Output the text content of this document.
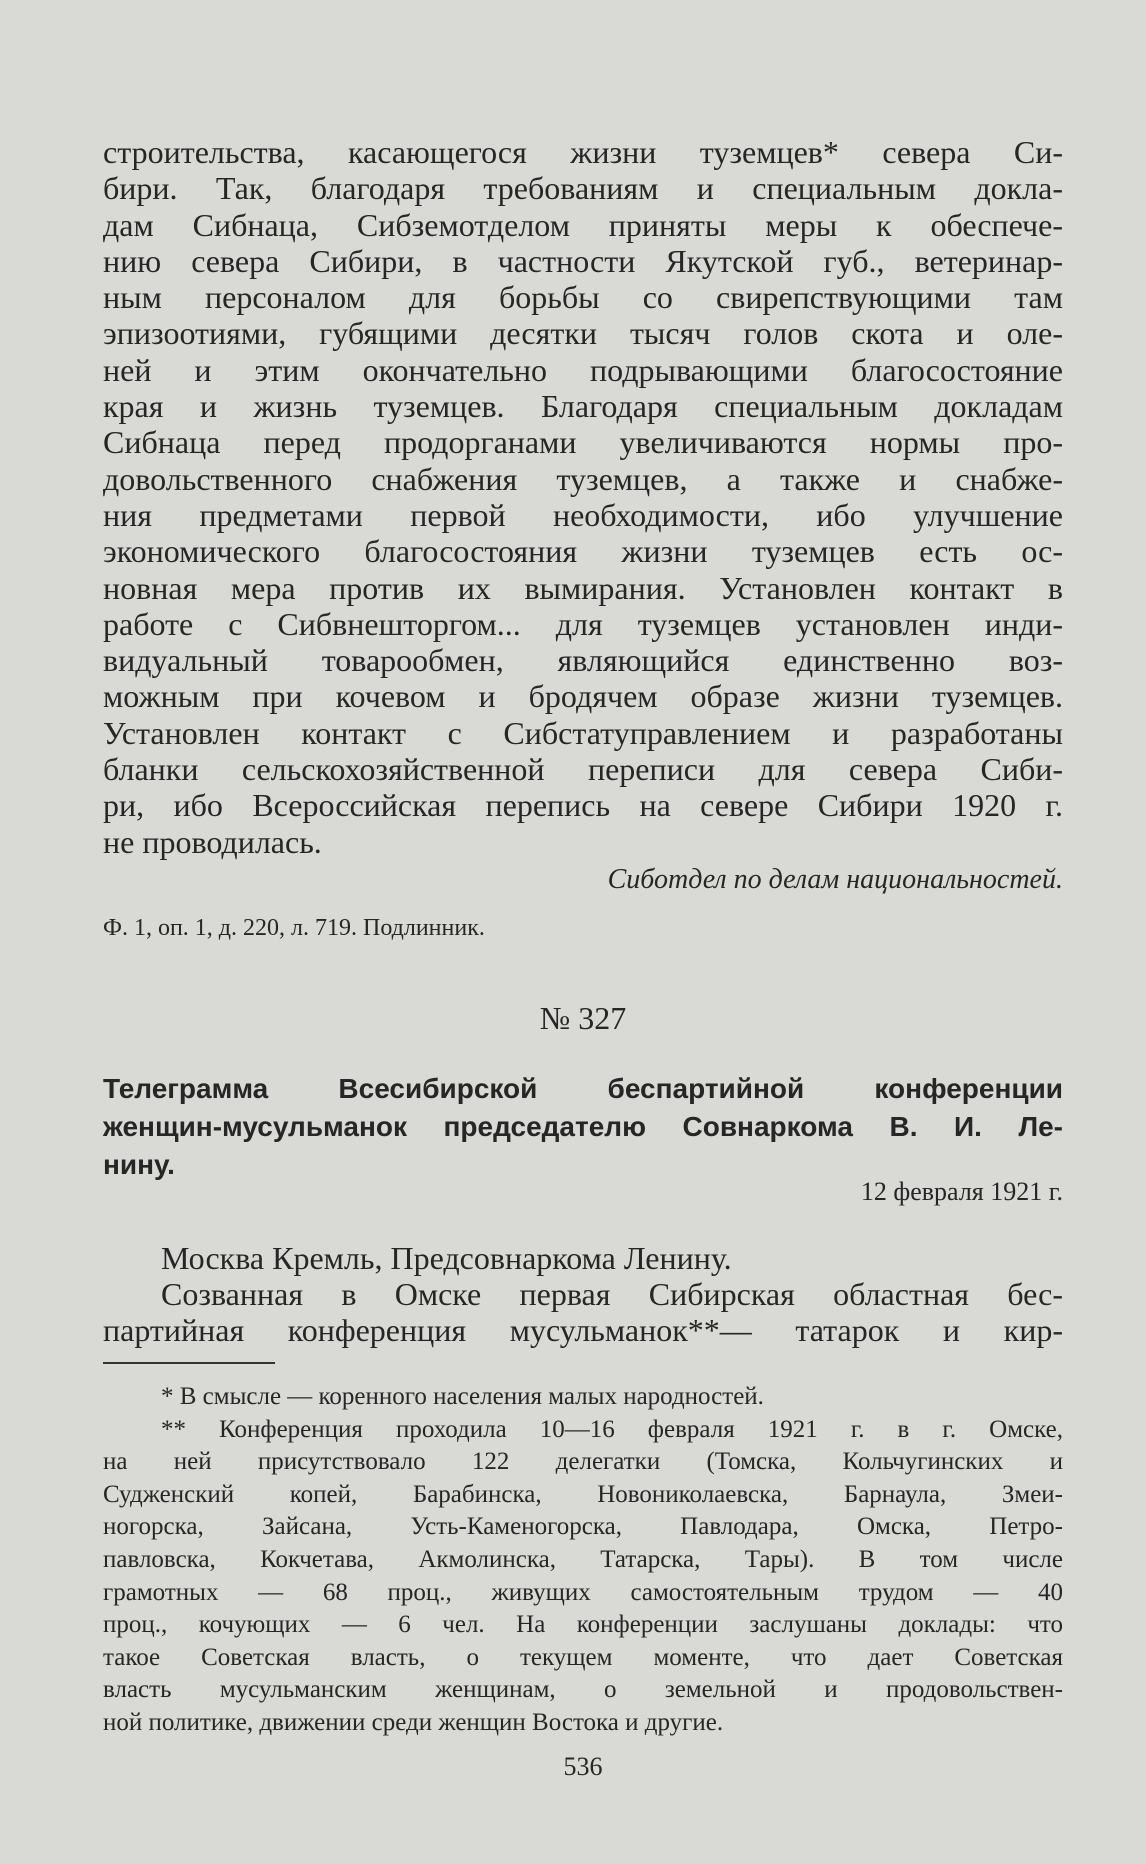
строительства, касающегося жизни туземцев* севера Си-
бири. Так, благодаря требованиям и специальным докла-
дам Сибнаца, Сибземотделом приняты меры к обеспече-
нию севера Сибири, в частности Якутской губ., ветеринар-
ным персоналом для борьбы со свирепствующими там
эпизоотиями, губящими десятки тысяч голов скота и оле-
ней и этим окончательно подрывающими благосостояние
края и жизнь туземцев. Благодаря специальным докладам
Сибнаца перед продорганами увеличиваются нормы про-
довольственного снабжения туземцев, а также и снабже-
ния предметами первой необходимости, ибо улучшение
экономического благосостояния жизни туземцев есть ос-
новная мера против их вымирания. Установлен контакт в
работе с Сибвнешторгом... для туземцев установлен инди-
видуальный товарообмен, являющийся единственно воз-
можным при кочевом и бродячем образе жизни туземцев.
Установлен контакт с Сибстатуправлением и разработаны
бланки сельскохозяйственной переписи для севера Сиби-
ри, ибо Всероссийская перепись на севере Сибири 1920 г.
не проводилась.
Сиботдел по делам национальностей.
Ф. 1, оп. 1, д. 220, л. 719. Подлинник.
№ 327
Телеграмма Всесибирской беспартийной конференции
женщин-мусульманок председателю Совнаркома В. И. Ле-
нину.
12 февраля 1921 г.
Москва Кремль, Предсовнаркома Ленину.
Созванная в Омске первая Сибирская областная бес-
партийная конференция мусульманок**— татарок и кир-
* В смысле — коренного населения малых народностей.
** Конференция проходила 10—16 февраля 1921 г. в г. Омске,
на ней присутствовало 122 делегатки (Томска, Кольчугинских и
Судженский копей, Барабинска, Новониколаевска, Барнаула, Змеи-
ногорска, Зайсана, Усть-Каменогорска, Павлодара, Омска, Петро-
павловска, Кокчетава, Акмолинска, Татарска, Тары). В том числе
грамотных — 68 проц., живущих самостоятельным трудом — 40
проц., кочующих — 6 чел. На конференции заслушаны доклады: что
такое Советская власть, о текущем моменте, что дает Советская
власть мусульманским женщинам, о земельной и продовольствен-
ной политике, движении среди женщин Востока и другие.
536
